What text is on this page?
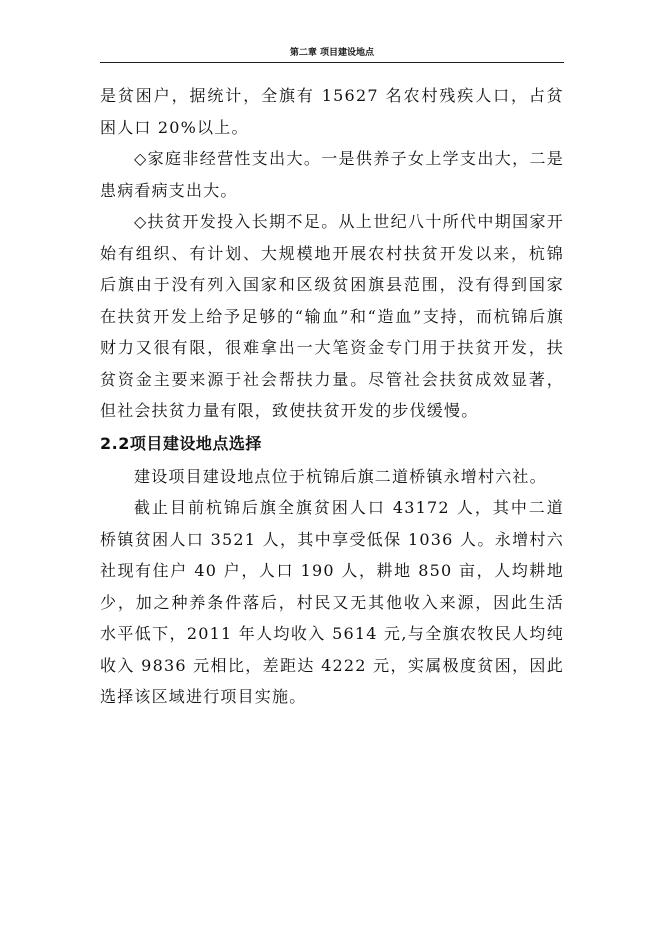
第二章 项目建设地点

是贫困户，据统计，全旗有 15627 名农村残疾人口，占贫困人口 20%以上。

◇家庭非经营性支出大。一是供养子女上学支出大，二是患病看病支出大。

◇扶贫开发投入长期不足。从上世纪八十所代中期国家开始有组织、有计划、大规模地开展农村扶贫开发以来，杭锦后旗由于没有列入国家和区级贫困旗县范围，没有得到国家在扶贫开发上给予足够的“输血”和“造血”支持，而杭锦后旗财力又很有限，很难拿出一大笔资金专门用于扶贫开发，扶贫资金主要来源于社会帮扶力量。尽管社会扶贫成效显著，但社会扶贫力量有限，致使扶贫开发的步伐缓慢。

2.2项目建设地点选择

建设项目建设地点位于杭锦后旗二道桥镇永增村六社。

截止目前杭锦后旗全旗贫困人口 43172 人，其中二道桥镇贫困人口 3521 人，其中享受低保 1036 人。永增村六社现有住户 40 户，人口 190 人，耕地 850 亩，人均耕地少，加之种养条件落后，村民又无其他收入来源，因此生活水平低下，2011 年人均收入 5614 元,与全旗农牧民人均纯收入 9836 元相比，差距达 4222 元，实属极度贫困，因此选择该区域进行项目实施。
